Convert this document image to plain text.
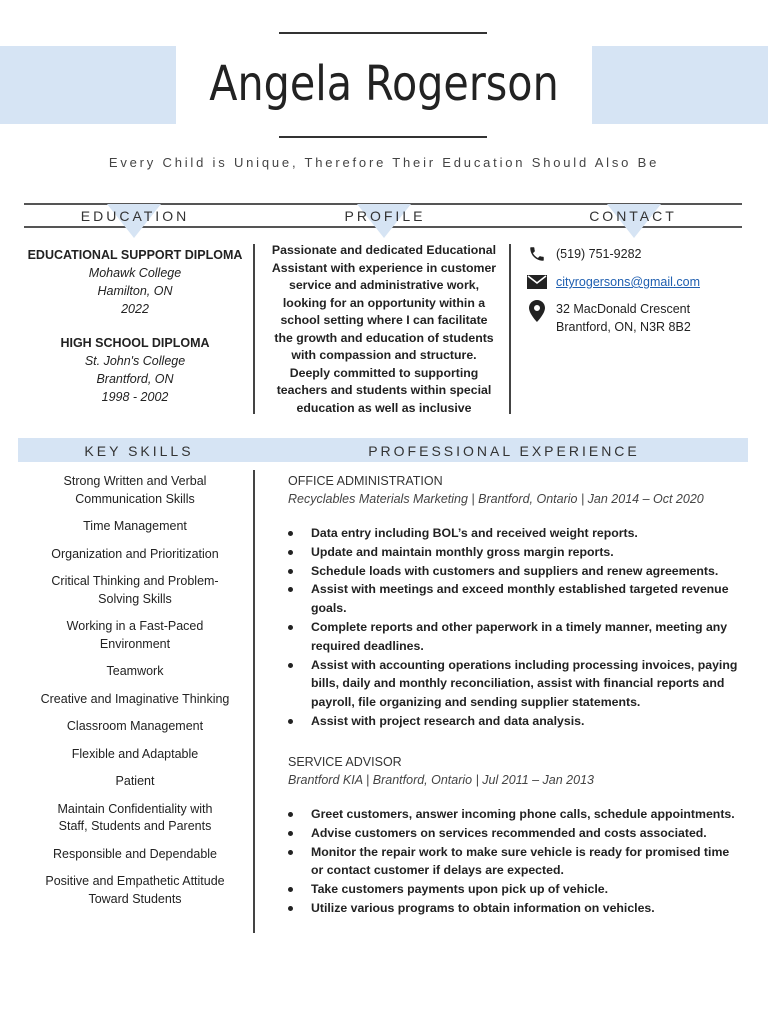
Angela Rogerson
Every Child is Unique, Therefore Their Education Should Also Be
EDUCATION	PROFILE	CONTACT
EDUCATIONAL SUPPORT DIPLOMA
Mohawk College
Hamilton, ON
2022
HIGH SCHOOL DIPLOMA
St. John's College
Brantford, ON
1998 - 2002
Passionate and dedicated Educational
Assistant with experience in customer
service and administrative work,
looking for an opportunity within a
school setting where I can facilitate
the growth and education of students
with compassion and structure.
Deeply committed to supporting
teachers and students within special
education as well as inclusive
(519) 751-9282
cityrogersons@gmail.com
32 MacDonald Crescent
Brantford, ON, N3R 8B2
KEY SKILLS	PROFESSIONAL EXPERIENCE
Strong Written and Verbal
Communication Skills
Time Management
Organization and Prioritization
Critical Thinking and Problem-
Solving Skills
Working in a Fast-Paced
Environment
Teamwork
Creative and Imaginative Thinking
Classroom Management
Flexible and Adaptable
Patient
Maintain Confidentiality with
Staff, Students and Parents
Responsible and Dependable
Positive and Empathetic Attitude
Toward Students
OFFICE ADMINISTRATION
Recyclables Materials Marketing | Brantford, Ontario | Jan 2014 – Oct 2020
Data entry including BOL’s and received weight reports.
Update and maintain monthly gross margin reports.
Schedule loads with customers and suppliers and renew agreements.
Assist with meetings and exceed monthly established targeted revenue
goals.
Complete reports and other paperwork in a timely manner, meeting any
required deadlines.
Assist with accounting operations including processing invoices, paying
bills, daily and monthly reconciliation, assist with financial reports and
payroll, file organizing and sending supplier statements.
Assist with project research and data analysis.
SERVICE ADVISOR
Brantford KIA | Brantford, Ontario | Jul 2011 – Jan 2013
Greet customers, answer incoming phone calls, schedule appointments.
Advise customers on services recommended and costs associated.
Monitor the repair work to make sure vehicle is ready for promised time
or contact customer if delays are expected.
Take customers payments upon pick up of vehicle.
Utilize various programs to obtain information on vehicles.
